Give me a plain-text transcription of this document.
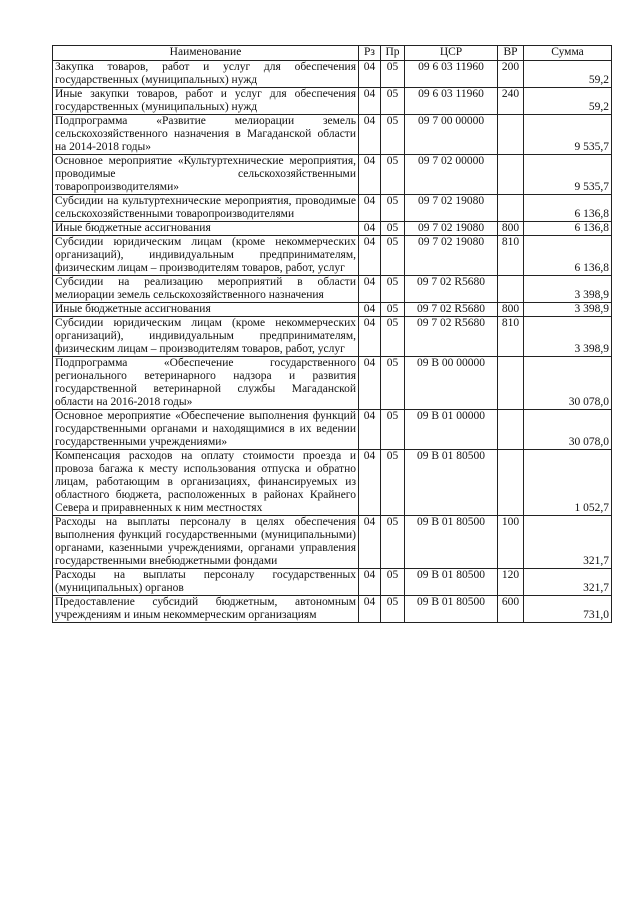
Наименование	Рз	Пр	ЦСР	ВР	Сумма
Закупка товаров, работ и услуг для обеспечения государственных (муниципальных) нужд	04	05	09 6 03 11960	200	59,2
Иные закупки товаров, работ и услуг для обеспечения государственных (муниципальных) нужд	04	05	09 6 03 11960	240	59,2
Подпрограмма «Развитие мелиорации земель сельскохозяйственного назначения в Магаданской области на 2014-2018 годы»	04	05	09 7 00 00000		9 535,7
Основное мероприятие «Культуртехнические мероприятия, проводимые сельскохозяйственными товаропроизводителями»	04	05	09 7 02 00000		9 535,7
Субсидии на культуртехнические мероприятия, проводимые сельскохозяйственными товаропроизводителями	04	05	09 7 02 19080		6 136,8
Иные бюджетные ассигнования	04	05	09 7 02 19080	800	6 136,8
Субсидии юридическим лицам (кроме некоммерческих организаций), индивидуальным предпринимателям, физическим лицам – производителям товаров, работ, услуг	04	05	09 7 02 19080	810	6 136,8
Субсидии на реализацию мероприятий в области мелиорации земель сельскохозяйственного назначения	04	05	09 7 02 R5680		3 398,9
Иные бюджетные ассигнования	04	05	09 7 02 R5680	800	3 398,9
Субсидии юридическим лицам (кроме некоммерческих организаций), индивидуальным предпринимателям, физическим лицам – производителям товаров, работ, услуг	04	05	09 7 02 R5680	810	3 398,9
Подпрограмма «Обеспечение государственного регионального ветеринарного надзора и развития государственной ветеринарной службы Магаданской области на 2016-2018 годы»	04	05	09 В 00 00000		30 078,0
Основное мероприятие «Обеспечение выполнения функций государственными органами и находящимися в их ведении государственными учреждениями»	04	05	09 В 01 00000		30 078,0
Компенсация расходов на оплату стоимости проезда и провоза багажа к месту использования отпуска и обратно лицам, работающим в организациях, финансируемых из областного бюджета, расположенных в районах Крайнего Севера и приравненных к ним местностях	04	05	09 В 01 80500		1 052,7
Расходы на выплаты персоналу в целях обеспечения выполнения функций государственными (муниципальными) органами, казенными учреждениями, органами управления государственными внебюджетными фондами	04	05	09 В 01 80500	100	321,7
Расходы на выплаты персоналу государственных (муниципальных) органов	04	05	09 В 01 80500	120	321,7
Предоставление субсидий бюджетным, автономным учреждениям и иным некоммерческим организациям	04	05	09 В 01 80500	600	731,0
